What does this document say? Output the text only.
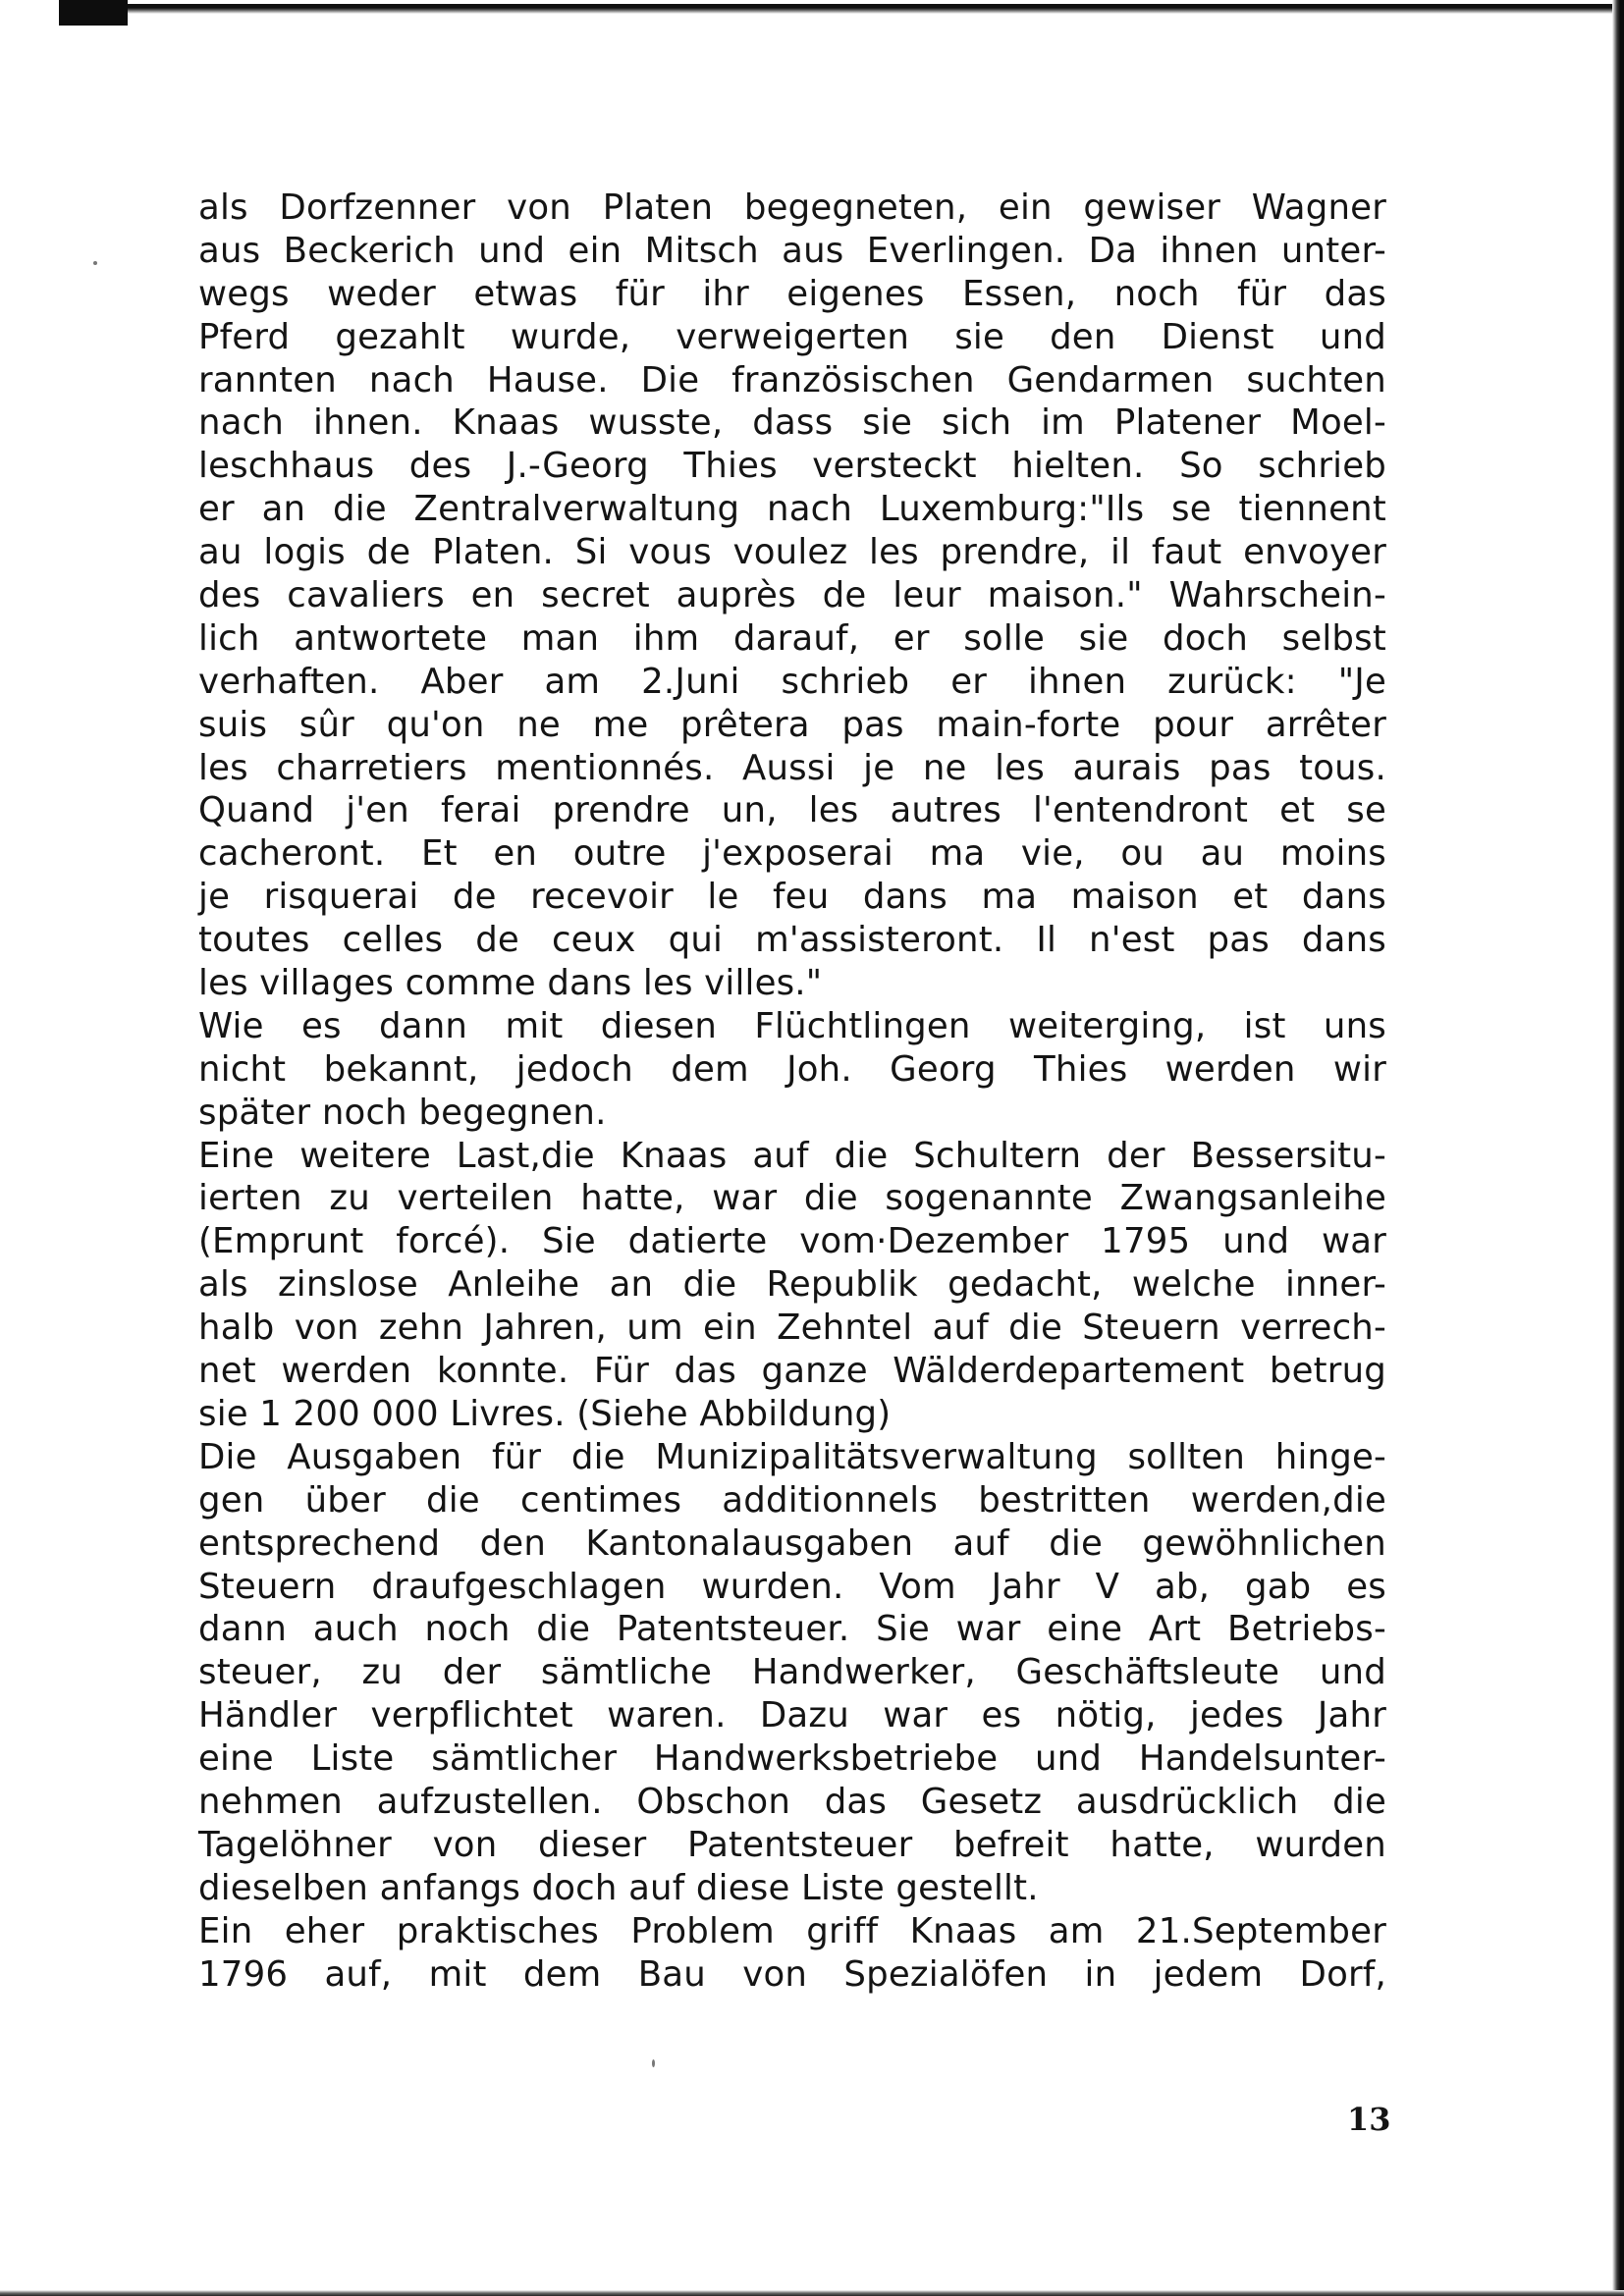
als Dorfzenner von Platen begegneten, ein gewiser Wagner
aus Beckerich und ein Mitsch aus Everlingen. Da ihnen unter-
wegs weder etwas für ihr eigenes Essen, noch für das
Pferd gezahlt wurde, verweigerten sie den Dienst und
rannten nach Hause. Die französischen Gendarmen suchten
nach ihnen. Knaas wusste, dass sie sich im Platener Moel-
leschhaus des J.-Georg Thies versteckt hielten. So schrieb
er an die Zentralverwaltung nach Luxemburg:"Ils se tiennent
au logis de Platen. Si vous voulez les prendre, il faut envoyer
des cavaliers en secret auprès de leur maison." Wahrschein-
lich antwortete man ihm darauf, er solle sie doch selbst
verhaften. Aber am 2.Juni schrieb er ihnen zurück: "Je
suis sûr qu'on ne me prêtera pas main-forte pour arrêter
les charretiers mentionnés. Aussi je ne les aurais pas tous.
Quand j'en ferai prendre un, les autres l'entendront et se
cacheront. Et en outre j'exposerai ma vie, ou au moins
je risquerai de recevoir le feu dans ma maison et dans
toutes celles de ceux qui m'assisteront. Il n'est pas dans
les villages comme dans les villes."
Wie es dann mit diesen Flüchtlingen weiterging, ist uns
nicht bekannt, jedoch dem Joh. Georg Thies werden wir
später noch begegnen.
Eine weitere Last,die Knaas auf die Schultern der Bessersitu-
ierten zu verteilen hatte, war die sogenannte Zwangsanleihe
(Emprunt forcé). Sie datierte vom·Dezember 1795 und war
als zinslose Anleihe an die Republik gedacht, welche inner-
halb von zehn Jahren, um ein Zehntel auf die Steuern verrech-
net werden konnte. Für das ganze Wälderdepartement betrug
sie 1 200 000 Livres. (Siehe Abbildung)
Die Ausgaben für die Munizipalitätsverwaltung sollten hinge-
gen über die centimes additionnels bestritten werden,die
entsprechend den Kantonalausgaben auf die gewöhnlichen
Steuern draufgeschlagen wurden. Vom Jahr V ab, gab es
dann auch noch die Patentsteuer. Sie war eine Art Betriebs-
steuer, zu der sämtliche Handwerker, Geschäftsleute und
Händler verpflichtet waren. Dazu war es nötig, jedes Jahr
eine Liste sämtlicher Handwerksbetriebe und Handelsunter-
nehmen aufzustellen. Obschon das Gesetz ausdrücklich die
Tagelöhner von dieser Patentsteuer befreit hatte, wurden
dieselben anfangs doch auf diese Liste gestellt.
Ein eher praktisches Problem griff Knaas am 21.September
1796 auf, mit dem Bau von Spezialöfen in jedem Dorf,
13
